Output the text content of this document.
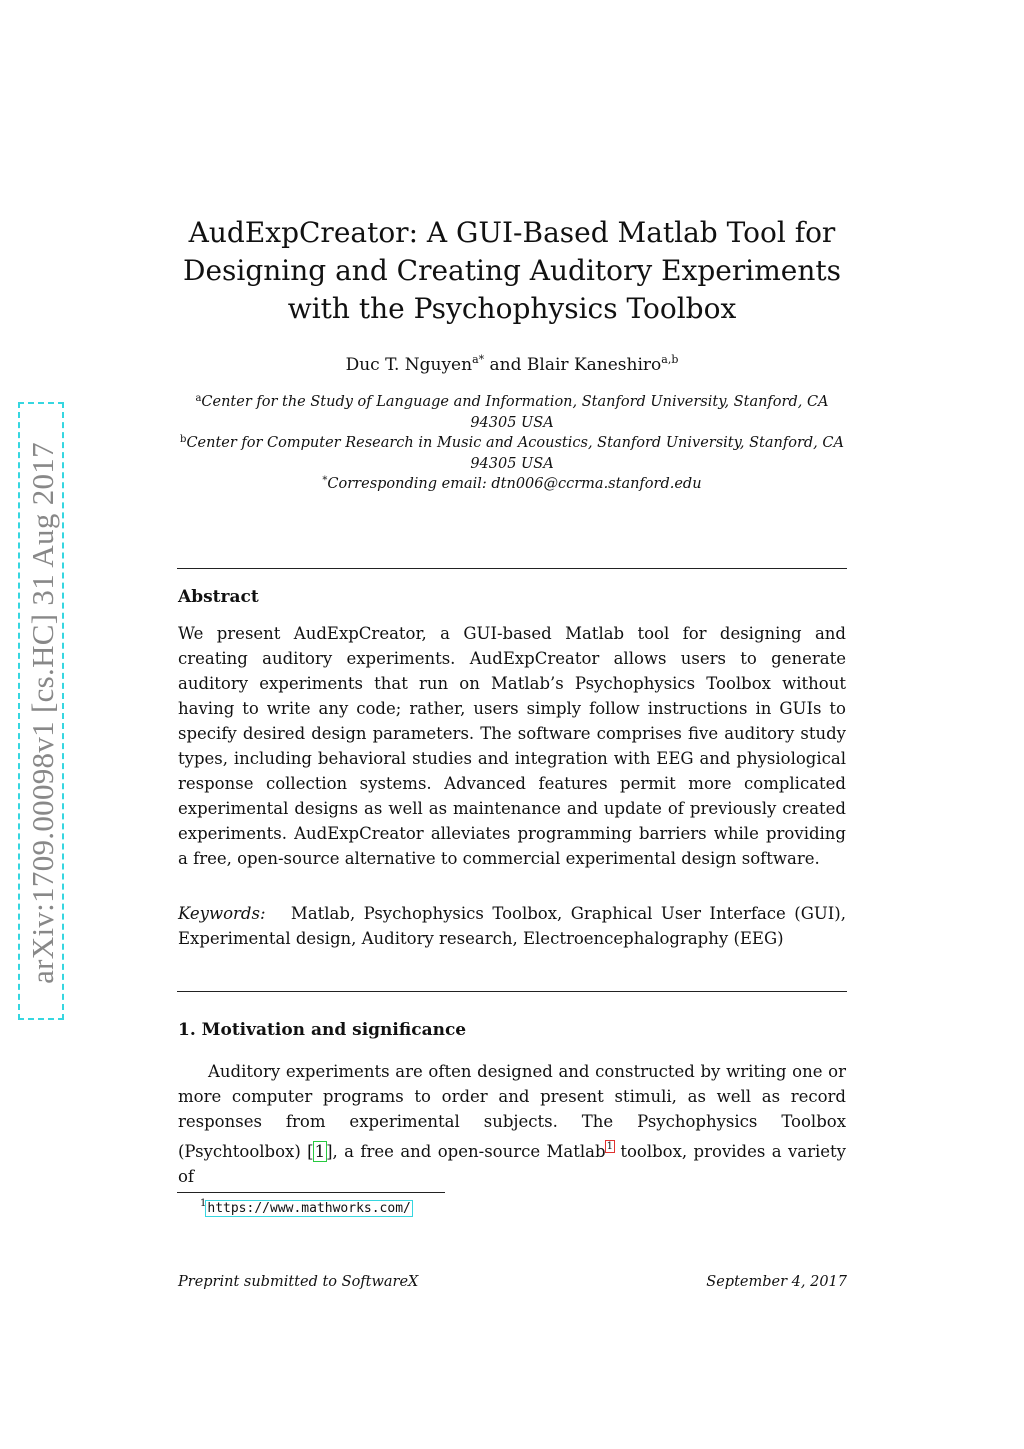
arXiv:1709.00098v1 [cs.HC] 31 Aug 2017
AudExpCreator: A GUI-Based Matlab Tool for Designing and Creating Auditory Experiments with the Psychophysics Toolbox
Duc T. Nguyen$^{a*}$ and Blair Kaneshiro$^{a,b}$
$^a$Center for the Study of Language and Information, Stanford University, Stanford, CA 94305 USA
$^b$Center for Computer Research in Music and Acoustics, Stanford University, Stanford, CA 94305 USA
*Corresponding email: dtn006@ccrma.stanford.edu
Abstract
We present AudExpCreator, a GUI-based Matlab tool for designing and creating auditory experiments. AudExpCreator allows users to generate auditory experiments that run on Matlab’s Psychophysics Toolbox without having to write any code; rather, users simply follow instructions in GUIs to specify desired design parameters. The software comprises five auditory study types, including behavioral studies and integration with EEG and physiological response collection systems. Advanced features permit more complicated experimental designs as well as maintenance and update of previously created experiments. AudExpCreator alleviates programming barriers while providing a free, open-source alternative to commercial experimental design software.
Keywords: Matlab, Psychophysics Toolbox, Graphical User Interface (GUI), Experimental design, Auditory research, Electroencephalography (EEG)
1. Motivation and significance
Auditory experiments are often designed and constructed by writing one or more computer programs to order and present stimuli, as well as record responses from experimental subjects. The Psychophysics Toolbox (Psychtoolbox) [1], a free and open-source Matlab$^1$ toolbox, provides a variety of
$^1$https://www.mathworks.com/
Preprint submitted to SoftwareX	September 4, 2017
